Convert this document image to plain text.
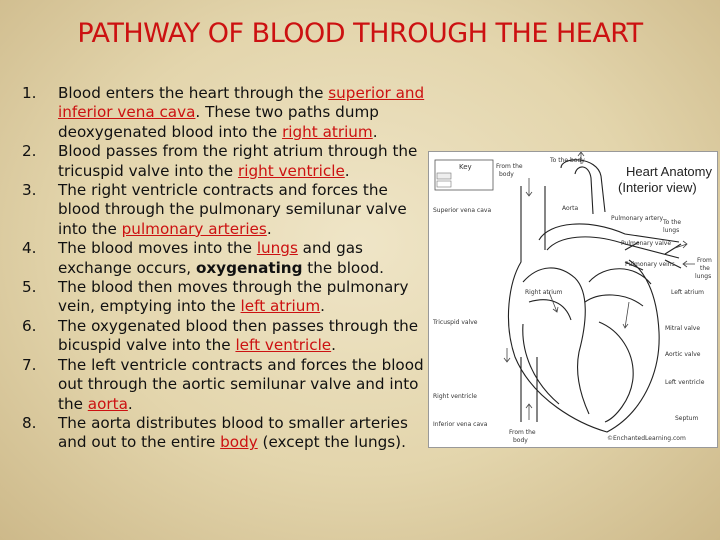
PATHWAY OF BLOOD THROUGH THE HEART
1.	Blood enters the heart through the superior and inferior vena cava. These two paths dump deoxygenated blood into the right atrium.
2.	Blood passes from the right atrium through the tricuspid valve into the right ventricle.
3.	The right ventricle contracts and forces the blood through the pulmonary semilunar valve into the pulmonary arteries.
4.	The blood moves into the lungs and gas exchange occurs, oxygenating the blood.
5.	The blood then moves through the pulmonary vein, emptying into the left atrium.
6.	The oxygenated blood then passes through the bicuspid valve into the left ventricle.
7.	The left ventricle contracts and forces the blood out through the aortic semilunar valve and into the aorta.
8.	The aorta distributes blood to smaller arteries and out to the entire body (except the lungs).
Key	Heart Anatomy
(Interior view)
To the body
From the
body
Superior vena cava	Aorta
Pulmonary artery
To the
lungs
Pulmonary valve
Pulmonary veins
From
the
lungs
Right atrium	Left atrium
Tricuspid valve
Mitral valve
Aortic valve
Right ventricle
Left ventricle
Inferior vena cava
Septum
From the
body	©EnchantedLearning.com
